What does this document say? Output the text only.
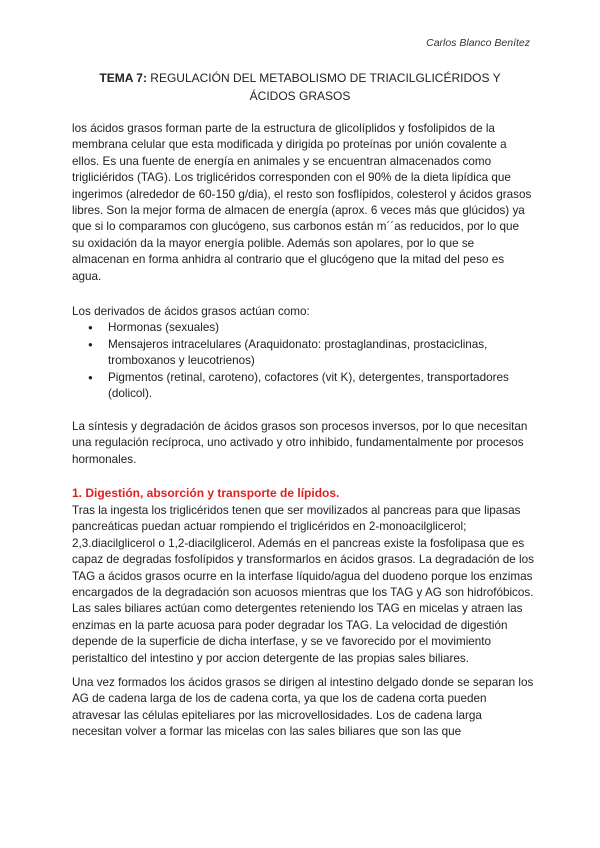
Carlos Blanco Benítez
TEMA 7: REGULACIÓN DEL METABOLISMO DE TRIACILGLICÉRIDOS Y
ÁCIDOS GRASOS

los ácidos grasos forman parte de la estructura de glicolíplidos y fosfolipidos de la membrana celular que esta modificada y dirigida po proteínas por unión covalente a ellos. Es una fuente de energía en animales y se encuentran almacenados como trigliciéridos (TAG). Los triglicéridos corresponden con el 90% de la dieta lipídica que ingerimos (alrededor de 60-150 g/dia), el resto son fosflípidos, colesterol y ácidos grasos libres. Son la mejor forma de almacen de energía (aprox. 6 veces más que glúcidos) ya que si lo comparamos con glucógeno, sus carbonos están m´´as reducidos, por lo que su oxidación da la mayor energía polible. Además son apolares, por lo que se almacenan en forma anhidra al contrario que el glucógeno que la mitad del peso es agua.

Los derivados de ácidos grasos actúan como:

● Hormonas (sexuales)
● Mensajeros intracelulares (Araquidonato: prostaglandinas, prostaciclinas, tromboxanos y leucotrienos)
● Pigmentos (retinal, caroteno), cofactores (vit K), detergentes, transportadores (dolicol).

La síntesis y degradación de ácidos grasos son procesos inversos, por lo que necesitan una regulación recíproca, uno activado y otro inhibido, fundamentalmente por procesos hormonales.

1. Digestión, absorción y transporte de lípidos.

Tras la ingesta los triglicéridos tenen que ser movilizados al pancreas para que lipasas pancreáticas puedan actuar rompiendo el triglicéridos en 2-monoacilglicerol; 2,3.diacilglicerol o 1,2-diacilglicerol. Además en el pancreas existe la fosfolipasa que es capaz de degradas fosfolípidos y transformarlos en ácidos grasos. La degradación de los TAG a ácidos grasos ocurre en la interfase líquido/agua del duodeno porque los enzimas encargados de la degradación son acuosos mientras que los TAG y AG son hidrofóbicos. Las sales biliares actúan como detergentes reteniendo los TAG en micelas y atraen las enzimas en la parte acuosa para poder degradar los TAG. La velocidad de digestión depende de la superficie de dicha interfase, y se ve favorecido por el movimiento peristaltico del intestino y por accion detergente de las propias sales biliares.

Una vez formados los ácidos grasos se dirigen al intestino delgado donde se separan los AG de cadena larga de los de cadena corta, ya que los de cadena corta pueden atravesar las células epiteliares por las microvellosidades. Los de cadena larga necesitan volver a formar las micelas con las sales biliares que son las que
